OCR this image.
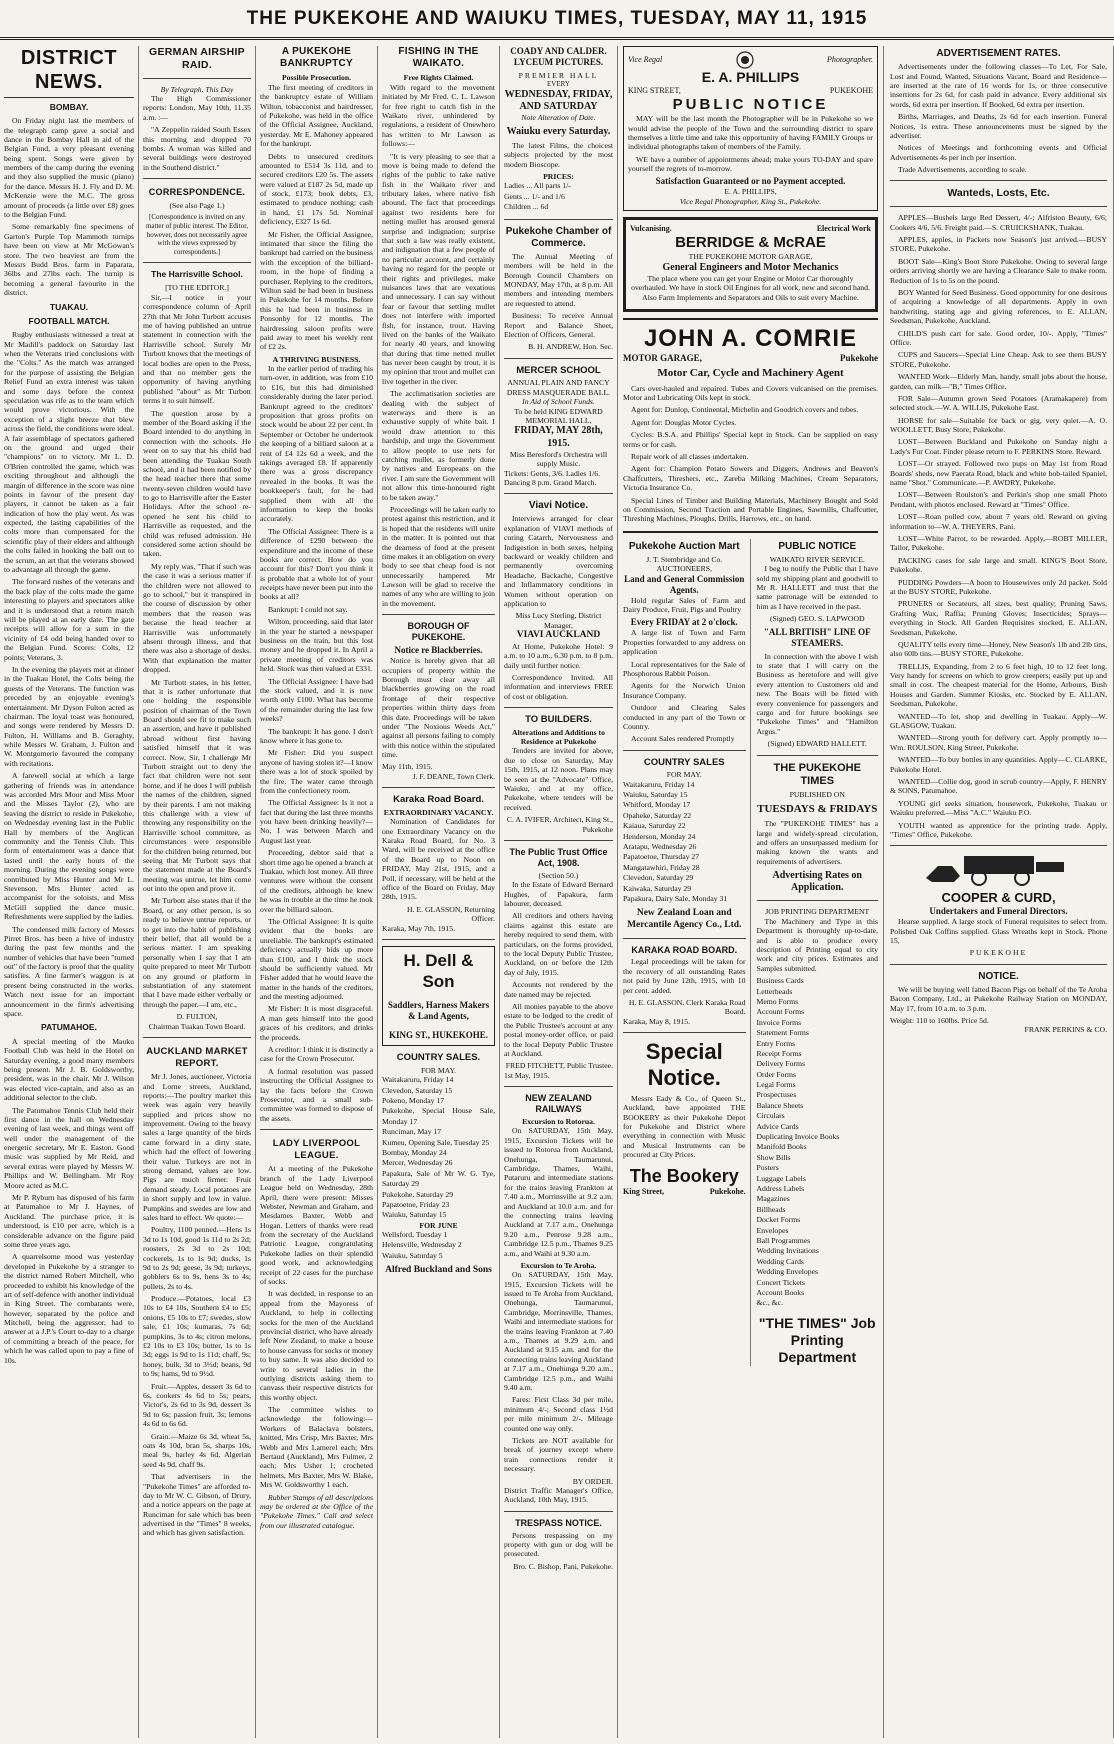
THE PUKEKOHE AND WAIUKU TIMES, TUESDAY, MAY 11, 1915
DISTRICT NEWS.
BOMBAY.

On Friday night last the members of the telegraph camp gave a social and dance in the Bombay Hall in aid of the Belgian Fund, a very pleasant evening being spent. Songs were given by members of the camp during the evening and they also supplied the music (piano) for the dance. Messrs H. J. Fly and D. M. McKenzie were the M.C. The gross amount of proceeds (a little over £8) goes to the Belgian Fund.

Some remarkably fine specimens of Garton's Purple Top Mammoth turnips have been on view at Mr McGowan's store. The two heaviest are from the Messrs Budd Bros. farm in Paparata, 36lbs and 27lbs each. The turnip is becoming a general favourite in the district.

TUAKAU.
FOOTBALL MATCH.

Rugby enthusiasts witnessed a treat at Mr Madill's paddock on Saturday last when the Veterans tried conclusions with the "Colts." As the match was arranged for the purpose of assisting the Belgian Relief Fund an extra interest was taken and some days before the contest speculation was rife as to the team which would prove victorious. With the exception of a slight breeze that blew across the field, the conditions were ideal. A fair assemblage of spectators gathered on the ground and urged their "champions" on to victory. Mr L. D. O'Brien controlled the game, which was exciting throughout and although the margin of difference in the score was nine points in favour of the present day players, it cannot be taken as a fair indication of how the play went. As was expected, the lasting capabilities of the colts more than compensated for the scientific play of their elders and although the colts failed in hooking the ball out to the scrum, an art that the veterans showed to advantage all through the game.

The forward rushes of the veterans and the back play of the colts made the game interesting to players and spectators alike and it is understood that a return match will be played at an early date. The gate receipts will allow for a sum in the vicinity of £4 odd being handed over to the Belgian Fund. Scores: Colts, 12 points; Veterans, 3.

In the evening the players met at dinner in the Tuakau Hotel, the Colts being the guests of the Veterans. The function was preceded by an enjoyable evening's entertainment. Mr Dyson Fulton acted as chairman. The loyal toast was honoured, and songs were rendered by Messrs D. Fulton, H. Williams and B. Geraghty, while Messrs W. Graham, J. Fulton and W. Montgomerie favoured the company with recitations.

A farewell social at which a large gathering of friends was in attendance was accorded Mrs Moor and Miss Moor and the Misses Taylor (2), who are leaving the district to reside in Pukekohe, on Wednesday evening last in the Public Hall by members of the Anglican community and the Tennis Club. This form of entertainment was a dance that lasted until the early hours of the morning. During the evening songs were contributed by Miss Hunter and Mr L. Stevenson. Mrs Hunter acted as accompanist for the soloists, and Miss McGill supplied the dance music. Refreshments were supplied by the ladies.

The condensed milk factory of Messrs Pirret Bros. has been a hive of industry during the past few months and the number of vehicles that have been "turned out" of the factory is proof that the quality satisfies. A fine farmer's waggon is at present being constructed in the works. Watch next issue for an important announcement in the firm's advertising space.

PATUMAHOE.

A special meeting of the Mauku Football Club was held in the Hotel on Saturday evening, a good many members being present. Mr J. B. Goldsworthy, president, was in the chair. Mr J. Wilson was elected vice-captain, and also as an additional selector to the club.

The Patumahoe Tennis Club held their first dance in the hall on Wednesday evening of last week, and things went off well under the management of the energetic secretary, Mr E. Easton. Good music was supplied by Mr Reid, and several extras were played by Messrs W. Phillips and W. Bellingham. Mr Roy Moore acted as M.C.

Mr P. Ryburn has disposed of his farm at Patumahoe to Mr J. Haynes, of Auckland. The purchase price, it is understood, is £10 per acre, which is a considerable advance on the figure paid some three years ago.

A quarrelsome mood was yesterday developed in Pukekohe by a stranger to the district named Robert Mitchell, who proceeded to exhibit his knowledge of the art of self-defence with another individual in King Street. The combatants were, however, separated by the police and Mitchell, being the aggressor, had to answer at a J.P.'s Court to-day to a charge of committing a breach of the peace, for which he was called upon to pay a fine of 10s.

GERMAN AIRSHIP RAID.
By Telegraph, This Day

The High Commissioner reports: London, May 10th, 11.35 a.m. :—

"A Zeppelin raided South Essex this morning and dropped 70 bombs. A woman was killed and several buildings were destroyed in the Southend district."

CORRESPONDENCE.
(See also Page 1.)
[Correspondence is invited on any matter of public interest. The Editor, however, does not necessarily agree with the views expressed by correspondents.]
The Harrisville School.
[TO THE EDITOR.]

Sir,—I notice in your correspondence column of April 27th that Mr John Turbott accuses me of having published an untrue statement in connection with the Harrisville school. Surely Mr Turbott knows that the meetings of local bodies are open to the Press, and that no member gets the opportunity of having anything published "about" as Mr Turbott terms it to suit himself.

The question arose by a member of the Board asking if the Board intended to do anything in connection with the schools. He went on to say that his child had been attending the Tuakau South school, and it had been notified by the head teacher there that some twenty-seven children would have to go to Harrisville after the Easter Holidays. After the school re-opened he sent his child to Harrisville as requested, and the child was refused admission. He considered some action should be taken.

My reply was, "That if such was the case it was a serious matter if the children were not allowed to go to school," but it transpired in the course of discussion by other members that the reason was because the head teacher at Harrisville was unfortunately absent through illness, and that there was also a shortage of desks. With that explanation the matter dropped.

Mr Turbott states, in his letter, that it is rather unfortunate that one holding the responsible position of chairman of the Town Board should see fit to make such an assertion, and have it published abroad without first having satisfied himself that it was correct. Now, Sir, I challenge Mr Turbott straight out to deny the fact that children were not sent home, and if he does I will publish the names of the children, signed by their parents. I am not making this challenge with a view of throwing any responsibility on the Harrisville school committee, as circumstances were responsible for the children being returned, but seeing that Mr Turbott says that the statement made at the Board's meeting was untrue, let him come out into the open and prove it.

Mr Turbott also states that if the Board, or any other person, is so ready to believe untrue reports, or to get into the habit of publishing their belief, that all would be a serious matter. I am speaking personally when I say that I am quite prepared to meet Mr Turbott on any ground or platform in substantiation of any statement that I have made either verbally or through the paper.—I am, etc.,

D. FULTON,
Chairman Tuakau Town Board.
AUCKLAND MARKET REPORT.

Mr J. Jones, auctioneer, Victoria and Lorne streets, Auckland, reports:—The poultry market this week was again very heavily supplied and prices show no improvement. Owing to the heavy sales a large quantity of the birds came forward in a dirty state, which had the effect of lowering their value. Turkeys are not in strong demand, values are low. Pigs are much firmer. Fruit demand steady. Local potatoes are in short supply and low in value. Pumpkins and swedes are low and sales hard to effect. We quote:—

Poultry, 1100 penned.—Hens 1s 3d to 1s 10d, good 1s 11d to 2s 2d; roosters, 2s 3d to 2s 10d; cockerels, 1s to 1s 9d; ducks, 1s 9d to 2s 9d; geese, 3s 9d; turkeys, gobblers 6s to 9s, hens 3s to 4s; pullets, 2s to 4s.

Produce.—Potatoes, local £3 10s to £4 10s, Southern £4 to £5; onions, £5 10s to £7; swedes, slow sale, £1 10s; kumaras, 7s 6d; pumpkins, 3s to 4s; citron melons, £2 10s to £3 10s; butter, 1s to 1s 3d; eggs 1s 9d to 1s 11d; chaff, 9s; honey, bulk, 3d to 3½d; beans, 9d to 9s; hams, 9d to 9½d.

Fruit.—Apples, dessert 3s 6d to 6s, cookers 4s 6d to 5s; pears, Victor's, 2s 6d to 3s 9d, dessert 3s 9d to 6s; passion fruit, 3s; lemons 4s 6d to 6s 6d.

Grain.—Maize 6s 3d, wheat 5s, oats 4s 10d, bran 5s, sharps 10s, meal 9s, barley 4s 6d, Algerian seed 4s 9d, chaff 9s.

That advertisers in the "Pukekohe Times" are afforded to-day to Mr W. C. Gibson, of Drury, and a notice appears on the page at Runciman for sale which has been advertised in the "Times" 8 weeks, and which has given satisfaction.

A PUKEKOHE BANKRUPTCY
Possible Prosecution.

The first meeting of creditors in the bankruptcy estate of William Wilton, tobacconist and hairdresser, of Pukekohe, was held in the office of the Official Assignee, Auckland, yesterday. Mr E. Mahoney appeared for the bankrupt.

Debts to unsecured creditors amounted to £514 3s 11d, and to secured creditors £20 5s. The assets were valued at £187 2s 5d, made up of stock, £173; book debts, £3, estimated to produce nothing; cash in hand, £1 17s 5d. Nominal deficiency, £327 1s 6d.

Mr Fisher, the Official Assignee, intimated that since the filing the bankrupt had carried on the business with the exception of the billiard-room, in the hope of finding a purchaser. Replying to the creditors, Wilton said he had been in business in Pukekohe for 14 months. Before this he had been in business in Ponsonby for 12 months. The hairdressing saloon profits were paid away to meet his weekly rent of £2 2s.

A THRIVING BUSINESS.

In the earlier period of trading his turn-over, in addition, was from £10 to £16, but this had diminished considerably during the later period. Bankrupt agreed to the creditors' proposition that gross profits on stock would be about 22 per cent. In September or October he undertook the keeping of a billiard saloon at a rent of £4 12s 6d a week, and the takings averaged £8. If apparently there was a gross discrepancy revealed in the books. It was the bookkeeper's fault, for he had supplied them with all the information to keep the books accurately.

The Official Assignee: There is a difference of £290 between the expenditure and the income of these books are correct. How do you account for this? Don't you think it is probable that a whole lot of your receipts have never been put into the books at all?

Bankrupt: I could not say.

Wilton, proceeding, said that later in the year he started a newspaper business on the train, but this lost money and he dropped it. In April a private meeting of creditors was held. Stock was then valued at £331.

The Official Assignee: I have had the stock valued, and it is now worth only £100. What has become of the remainder during the last few weeks?

The bankrupt: It has gone. I don't know where it has gone to.

Mr Fisher: Did you suspect anyone of having stolen it?—I know there was a lot of stock spoiled by the fire. The water came through from the confectionery room.

The Official Assignee: Is it not a fact that during the last three months you have been drinking heavily?—No, I was between March and August last year.

Proceeding, debtor said that a short time ago he opened a branch at Tuakau, which lost money. All three ventures were without the consent of the creditors, although he knew he was in trouble at the time he took over the billiard saloon.

The Official Assignee: It is quite evident that the books are unreliable. The bankrupt's estimated deficiency actually bids up more than £100, and I think the stock should be sufficiently valued. Mr Fisher added that he would leave the matter in the hands of the creditors, and the meeting adjourned.

Mr Fisher: It is most disgraceful. A man gets himself into the good graces of his creditors, and drinks the proceeds.

A creditor: I think it is distinctly a case for the Crown Prosecutor.

A formal resolution was passed instructing the Official Assignee to lay the facts before the Crown Prosecutor, and a small sub-committee was formed to dispose of the assets.

LADY LIVERPOOL LEAGUE.

At a meeting of the Pukekohe branch of the Lady Liverpool League held on Wednesday, 28th April, there were present: Misses Webster, Newman and Graham, and Mesdames Baxter, Webb and Hogan. Letters of thanks were read from the secretary of the Auckland Patriotic League, congratulating Pukekohe ladies on their splendid good work, and acknowledging receipt of 22 cases for the purchase of socks.

It was decided, in response to an appeal from the Mayoress of Auckland, to help in collecting socks for the men of the Auckland provincial district, who have already left New Zealand, to make a house to house canvass for socks or money to buy same. It was also decided to write to several ladies in the outlying districts asking them to canvass their respective districts for this worthy object.

The committee wishes to acknowledge the following:—Workers of Balaclava bolsters, knitted, Mrs Crisp, Mrs Baxter, Mrs Webb and Mrs Lamerel each; Mrs Bertaud (Auckland), Mrs Fulmer, 2 each; Mrs Usher 1; crocheted helmets, Mrs Baxter, Mrs W. Blake, Mrs W. Goldsworthy 1 each.

Rubber Stamps of all descriptions may be ordered at the Office of the "Pukekohe Times." Call and select from our illustrated catalogue.

FISHING IN THE WAIKATO.
Free Rights Claimed.

With regard to the movement initiated by Mr Fred. C. L. Lawson for free right to catch fish in the Waikato river, unhindered by regulations, a resident of Onewhero has written to Mr Lawson as follows:—

"It is very pleasing to see that a move is being made to defend the rights of the public to take native fish in the Waikato river and tributary lakes, where native fish abound. The fact that proceedings against two residents here for netting mullet has aroused general surprise and indignation; surprise that such a law was really existent, and indignation that a few people of no particular account, and certainly having no regard for the people or their rights and privileges, make nuisances laws that are vexatious and unnecessary. I can say without fear or favour that settling mullet does not interfere with imported fish, for instance, trout. Having lived on the banks of the Waikato for nearly 40 years, and knowing that during that time netted mullet has never been caught by trout, it is my opinion that trout and mullet can live together in the river.

The acclimatisation societies are dealing with the subject of waterways and there is an exhaustive supply of white bait. I would draw attention to this hardship, and urge the Government to allow people to use nets for catching mullet, as formerly done by natives and Europeans on the river. I am sure the Government will not allow this time-honoured right to be taken away."

Proceedings will be taken early to protest against this restriction, and it is hoped that the residents will unite in the matter. It is pointed out that the dearness of food at the present time makes it an obligation on every body to see that cheap food is not unnecessarily hampered. Mr Lawson will be glad to receive the names of any who are willing to join in the movement.

BOROUGH OF PUKEKOHE.
Notice re Blackberries.

Notice is hereby given that all occupiers of property within the Borough must clear away all blackberries growing on the road frontage of their respective properties within thirty days from this date. Proceedings will be taken under "The Noxious Weeds Act," against all persons failing to comply with this notice within the stipulated time.

May 11th, 1915.
J. F. DEANE, Town Clerk.
Karaka Road Board.
EXTRAORDINARY VACANCY.

Nomination of Candidates for one Extraordinary Vacancy on the Karaka Road Board, for No. 3 Ward, will be received at the office of the Board up to Noon on FRIDAY, May 21st, 1915, and a Poll, if necessary, will be held at the office of the Board on Friday, May 28th, 1915.

H. E. GLASSON, Returning Officer.
Karaka, May 7th, 1915.
H. Dell & Son
Saddlers, Harness Makers & Land Agents,
KING ST., HUKEKOHE.
COUNTRY SALES.
FOR MAY.
Waitakaruru, Friday 14
Clevedon, Saturday 15
Pokeno, Monday 17
Pukekohe, Special House Sale, Monday 17
Runciman, May 17
Kumeu, Opening Sale, Tuesday 25
Bombay, Monday 24
Mercer, Wednesday 26
Papakura, Sale of Mr W. G. Tye, Saturday 29
Pukekohe, Saturday 29
Papatoetoe, Friday 23
Waiuku, Saturday 15
FOR JUNE
Wellsford, Tuesday 1
Helensville, Wednesday 2
Waiuku, Saturday 5
Alfred Buckland and Sons
COADY AND CALDER. LYCEUM PICTURES.
PREMIER HALL
EVERY
WEDNESDAY, FRIDAY, AND SATURDAY
Note Alteration of Date.
Waiuku every Saturday.

The latest Films, the choicest subjects projected by the most modern Bioscope.

PRICES:
Ladies ... All parts 1/-
Gents ... 1/- and 1/6
Children ... 6d
Pukekohe Chamber of Commerce.

The Annual Meeting of members will be held in the Borough Council Chambers on MONDAY, May 17th, at 8 p.m. All members and intending members are requested to attend.

Business: To receive Annual Report and Balance Sheet, Election of Officers, General.

B. H. ANDREW, Hon. Sec.
MERCER SCHOOL
ANNUAL PLAIN AND FANCY DRESS MASQUERADE BALL.
In Aid of School Funds.
To be held KING EDWARD MEMORIAL HALL,
FRIDAY, MAY 28th, 1915.
Miss Beresford's Orchestra will supply Music.
Tickets: Gents, 3/6. Ladies 1/6.
Dancing 8 p.m. Grand March.
Viavi Notice.

Interviews arranged for clear explanation of VIAVI methods of curing Catarrh, Nervousness and Indigestion in both sexes, helping backward or weakly children and permanently overcoming Headache, Backache, Congestive and Inflammatory conditions in Women without operation on application to

Miss Lucy Sterling, District Manager,
VIAVI AUCKLAND

At Home, Pukekohe Hotel: 9 a.m. to 10 a.m., 6.30 p.m. to 8 p.m. daily until further notice.

Correspondence Invited. All information and interviews FREE of cost or obligation.

TO BUILDERS.
Alterations and Additions to Residence at Pukekohe

Tenders are invited for above, due to close on Saturday, May 15th, 1915, at 12 noon. Plans may be seen at the "Advocate" Office, Waiuku, and at my office, Pukekohe, where tenders will be received.

C. A. IVIFER, Architect, King St., Pukekohe
The Public Trust Office Act, 1908.
(Section 50.)

In the Estate of Edward Bernard Hughes, of Papakura, farm labourer, deceased.

All creditors and others having claims against this estate are hereby required to send them, with particulars, on the forms provided, to the local Deputy Public Trustee, Auckland, on or before the 12th day of July, 1915.

Accounts not rendered by the date named may be rejected.

All monies payable to the above estate to be lodged to the credit of the Public Trustee's account at any postal money-order office, or paid to the local Deputy Public Trustee at Auckland.

FRED FITCHETT, Public Trustee.
1st May, 1915.
NEW ZEALAND RAILWAYS
Excursion to Rotorua.

On SATURDAY, 15th May, 1915, Excursion Tickets will be issued to Rotorua from Auckland, Onehunga, Taumarunui, Cambridge, Thames, Waihi, Putaruru and intermediate stations for the trains leaving Frankton at 7.40 a.m., Morrinsville at 9.2 a.m. and Auckland at 10.0 a.m. and for the connecting trains leaving Auckland at 7.17 a.m., Onehunga 9.20 a.m., Penrose 9.28 a.m., Cambridge 12.5 p.m., Thames 9.25 a.m., and Waihi at 9.30 a.m.

Excursion to Te Aroha.

On SATURDAY, 15th May, 1915, Excursion Tickets will be issued to Te Aroha from Auckland, Onehunga, Taumarunui, Cambridge, Morrinsville, Thames, Waihi and intermediate stations for the trains leaving Frankton at 7.40 a.m., Thames at 9.29 a.m. and Auckland at 9.15 a.m. and for the connecting trains leaving Auckland at 7.17 a.m., Onehunga 9.20 a.m., Cambridge 12.5 p.m., and Waihi 9.40 a.m.

Fares: First Class 3d per mile, minimum 4/-; Second class 1½d per mile minimum 2/-. Mileage counted one way only.

Tickets are NOT available for break of journey except where train connections render it necessary.

BY ORDER.
District Traffic Manager's Office, Auckland, 10th May, 1915.
TRESPASS NOTICE.

Persons trespassing on my property with gun or dog will be prosecuted.

Bro. C. Bishop, Pani, Pukekohe.
Vice Regal	Photographer.
E. A. PHILLIPS
KING STREET,	PUKEKOHE
PUBLIC NOTICE

MAY will be the last month the Photographer will be in Pukekohe so we would advise the people of the Town and the surrounding district to spare themselves a little time and take this opportunity of having FAMILY Groups or individual photographs taken of members of the Family.

WE have a number of appointments ahead; make yours TO-DAY and spare yourself the regrets of to-morrow.

Satisfaction Guaranteed or no Payment accepted.
E. A. PHILLIPS,
Vice Regal Photographer, King St., Pukekohe.
Vulcanising.	Electrical Work
BERRIDGE & McRAE
THE PUKEKOHE MOTOR GARAGE,
General Engineers and Motor Mechanics

The place where you can get your Engine or Motor Car thoroughly overhauled. We have in stock Oil Engines for all work, new and second hand. Also Farm Implements and Separators and Oils to suit every Machine.

JOHN A. COMRIE
MOTOR GARAGE,	Pukekohe
Motor Car, Cycle and Machinery Agent

Cars over-hauled and repaired. Tubes and Covers vulcanised on the premises. Motor and Lubricating Oils kept in stock.

Agent for: Dunlop, Continental, Michelin and Goodrich covers and tubes.

Agent for: Douglas Motor Cycles.

Cycles: B.S.A. and Phillips' Special kept in Stock. Can be supplied on easy terms or for cash.

Repair work of all classes undertaken.

Agent for: Champion Potato Sowers and Diggers, Andrews and Beaven's Chaffcutters, Threshers, etc., Zareba Milking Machines, Cream Separators, Victoria Insurance Co.

Special Lines of Timber and Building Materials, Machinery Bought and Sold on Commission, Second Traction and Portable Engines, Sawmills, Chaffcutter, Threshing Machines, Ploughs, Drills, Harrows, etc., on hand.

Pukekohe Auction Mart
J. T. Stembridge and Co.
AUCTIONEERS,
Land and General Commission Agents.

Hold regular Sales of Farm and Dairy Produce, Fruit, Pigs and Poultry

Every FRIDAY at 2 o'clock.

A large list of Town and Farm Properties forwarded to any address on application

Local representatives for the Sale of Phosphorous Rabbit Poison.

Agents for the Norwich Union Insurance Company.

Outdoor and Clearing Sales conducted in any part of the Town or Country.

Account Sales rendered Promptly

COUNTRY SALES
FOR MAY.
Waitakaruru, Friday 14
Waiuku, Saturday 15
Whitford, Monday 17
Opaheke, Saturday 22
Kaiaua, Saturday 22
Henderson, Monday 24
Aratapu, Wednesday 26
Papatoetoe, Thursday 27
Mangatawhiri, Friday 28
Clevedon, Saturday 29
Kaiwaka, Saturday 29
Papakura, Dairy Sale, Monday 31
New Zealand Loan and Mercantile Agency Co., Ltd.
KARAKA ROAD BOARD.

Legal proceedings will be taken for the recovery of all outstanding Rates not paid by June 12th, 1915, with 10 per cent. added.

H. E. GLASSON, Clerk Karaka Road Board.
Karaka, May 8, 1915.
Special Notice.

Messrs Eady & Co., of Queen St., Auckland, have appointed THE BOOKERY as their Pukekohe Depot for Pukekohe and District where everything in connection with Music and Musical Instruments can be procured at City Prices.

The Bookery
King Street,	Pukekohe.
PUBLIC NOTICE
WAIKATO RIVER SERVICE.

I beg to notify the Public that I have sold my shipping plant and goodwill to Mr R. HALLETT and trust that the same patronage will be extended to him as I have received in the past.

(Signed) GEO. S. LAPWOOD
"ALL BRITISH" LINE OF STEAMERS.

In connection with the above I wish to state that I will carry on the Business as heretofore and will give every attention to Customers old and new. The Boats will be fitted with every convenience for passengers and cargo and for future bookings see "Pukekohe Times" and "Hamilton Argus."

(Signed) EDWARD HALLETT.
THE PUKEKOHE TIMES
PUBLISHED ON
TUESDAYS & FRIDAYS

The "PUKEKOHE TIMES" has a large and widely-spread circulation, and offers an unsurpassed medium for making known the wants and requirements of advertisers.

Advertising Rates on Application.
JOB PRINTING DEPARTMENT

The Machinery and Type in this Department is thoroughly up-to-date, and is able to produce every description of Printing equal to city work and city prices. Estimates and Samples submitted.

Business Cards
Letterheads
Memo Forms
Account Forms
Invoice Forms
Statement Forms
Entry Forms
Receipt Forms
Delivery Forms
Order Forms
Legal Forms
Prospectuses
Balance Sheets
Circulars
Advice Cards
Duplicating Invoice Books
Manifold Books
Show Bills
Posters
Luggage Labels
Address Labels
Magazines
Billheads
Docket Forms
Envelopes
Ball Programmes
Wedding Invitations
Wedding Cards
Wedding Envelopes
Concert Tickets
Account Books
&c., &c.
"THE TIMES" Job Printing Department
ADVERTISEMENT RATES.

Advertisements under the following classes—To Let, For Sale, Lost and Found, Wanted, Situations Vacant, Board and Residence—are inserted at the rate of 16 words for 1s, or three consecutive insertions for 2s 6d, for cash paid in advance. Every additional six words, 6d extra per insertion. If Booked, 6d extra per insertion.

Births, Marriages, and Deaths, 2s 6d for each insertion. Funeral Notices, 1s extra. These announcements must be signed by the advertiser.

Notices of Meetings and forthcoming events and Official Advertisements 4s per inch per insertion.

Trade Advertisements, according to scale.

Wanteds, Losts, Etc.

APPLES—Bushels large Red Dessert, 4/-; Alfriston Beauty, 6/6; Cookers 4/6, 5/6. Freight paid.—S. CRUICKSHANK, Tuakau.

APPLES, apples, in Packets now Season's just arrived.—BUSY STORE, Pukekohe.

BOOT Sale—King's Boot Store Pukekohe. Owing to several large orders arriving shortly we are having a Clearance Sale to make room. Reduction of 1s to 5s on the pound.

BOY Wanted for Seed Business. Good opportunity for one desirous of acquiring a knowledge of all departments. Apply in own handwriting, stating age and giving references, to E. ALLAN, Seedsman, Pukekohe, Auckland.

CHILD'S push cart for sale. Good order, 10/-. Apply, "Times" Office.

CUPS and Saucers—Special Line Cheap. Ask to see them BUSY STORE, Pukekohe.

WANTED Work—Elderly Man, handy, small jobs about the house, garden, can milk—"B," Times Office.

FOR Sale—Autumn grown Seed Potatoes (Aramakapere) from selected stock.—W. A. WILLIS, Pukekohe East.

HORSE for sale—Suitable for back or gig, very quiet.—A. O. WOOLLETT, Busy Store, Pukekohe.

LOST—Between Buckland and Pukekohe on Sunday night a Lady's Fur Coat. Finder please return to F. PERKINS Store. Reward.

LOST—Or strayed. Followed two pups on May 1st from Road Boards' sheds, new Paerata Road, black and white bob-tailed Spaniel, name "Shot." Communicate.—P. AWDRY, Pukekohe.

LOST—Between Roulston's and Perkin's shop one small Photo Pendant, with photos enclosed. Reward at "Times" Office.

LOST—Roan polled cow, about 7 years old. Reward on giving information to—W. A. THEYERS, Pani.

LOST—White Parrot, to be rewarded. Apply,—ROBT MILLER, Tailor, Pukekohe.

PACKING cases for sale large and small. KING'S Boot Store, Pukekohe.

PUDDING Powders—A boon to Housewives only 2d packet. Sold at the BUSY STORE, Pukekohe.

PRUNERS or Secateurs, all sizes, best quality; Pruning Saws, Grafting Wax, Raffia; Pruning Gloves; Insecticides; Sprays—everything in Stock. All Garden Requisites stocked, E. ALLAN, Seedsman, Pukekohe.

QUALITY tells every time—Honey, New Season's 1lb and 2lb tins, also 60lb tins.—BUSY STORE, Pukekohe.

TRELLIS, Expanding, from 2 to 6 feet high, 10 to 12 feet long. Very handy for screens on which to grow creepers; easily put up and small in cost. The cheapest material for the Home, Arbours, Bush Houses and Garden. Summer Kiosks, etc. Stocked by E. ALLAN, Seedsman, Pukekohe.

WANTED—To let, shop and dwelling in Tuakau. Apply—W. GLASGOW, Tuakau.

WANTED—Strong youth for delivery cart. Apply promptly to—Wm. ROULSON, King Street, Pukekohe.

WANTED—To buy bottles in any quantities. Apply—C. CLARKE, Pukekohe Hotel.

WANTED—Collie dog, good in scrub country—Apply, F. HENRY & SONS, Patumahoe.

YOUNG girl seeks situation, housework, Pukekohe, Tuakau or Waiuku preferred.—Miss "A.C." Waiuku P.O.

YOUTH wanted as apprentice for the printing trade. Apply, "Times" Office, Pukekohe.

COOPER & CURD,
Undertakers and Funeral Directors.

Hearse supplied. A large stock of Funeral requisites to select from. Polished Oak Coffins supplied. Glass Wreaths kept in Stock. Phone 15,

PUKEKOHE
NOTICE.

We will be buying well fatted Bacon Pigs on behalf of the Te Aroha Bacon Company, Ltd., at Pukekohe Railway Station on MONDAY, May 17, from 10 a.m. to 3 p.m.

Weight: 110 to 160lbs. Price 5d.
FRANK PERKINS & CO.
